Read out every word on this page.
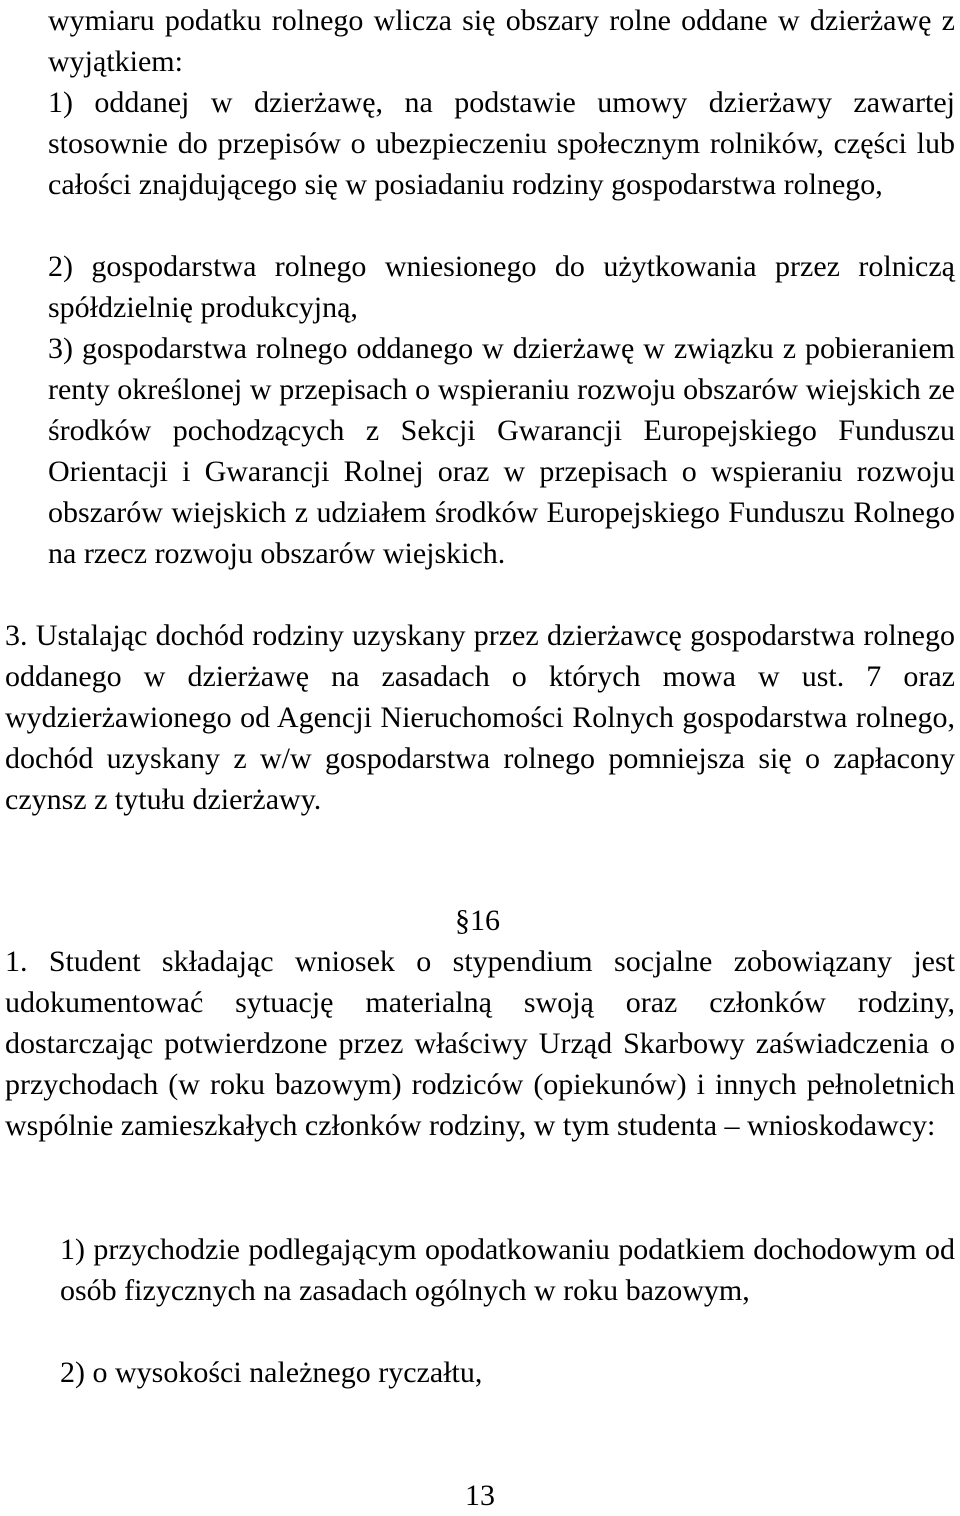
wymiaru podatku rolnego wlicza się obszary rolne oddane w dzierżawę z wyjątkiem:

1) oddanej w dzierżawę, na podstawie umowy dzierżawy zawartej stosownie do przepisów o ubezpieczeniu społecznym rolników, części lub całości znajdującego się w posiadaniu rodziny gospodarstwa rolnego,

2) gospodarstwa rolnego wniesionego do użytkowania przez rolniczą spółdzielnię produkcyjną,

3) gospodarstwa rolnego oddanego w dzierżawę w związku z pobieraniem renty określonej w przepisach o wspieraniu rozwoju obszarów wiejskich ze środków pochodzących z Sekcji Gwarancji Europejskiego Funduszu Orientacji i Gwarancji Rolnej oraz w przepisach o wspieraniu rozwoju obszarów wiejskich z udziałem środków Europejskiego Funduszu Rolnego na rzecz rozwoju obszarów wiejskich.

3. Ustalając dochód rodziny uzyskany przez dzierżawcę gospodarstwa rolnego oddanego w dzierżawę na zasadach o których mowa w ust. 7 oraz wydzierżawionego od Agencji Nieruchomości Rolnych gospodarstwa rolnego, dochód uzyskany z w/w gospodarstwa rolnego pomniejsza się o zapłacony czynsz z tytułu dzierżawy.

§16

1. Student składając wniosek o stypendium socjalne zobowiązany jest udokumentować sytuację materialną swoją oraz członków rodziny, dostarczając potwierdzone przez właściwy Urząd Skarbowy zaświadczenia o przychodach (w roku bazowym) rodziców (opiekunów) i innych pełnoletnich wspólnie zamieszkałych członków rodziny, w tym studenta – wnioskodawcy:

1) przychodzie podlegającym opodatkowaniu podatkiem dochodowym od osób fizycznych na zasadach ogólnych w roku bazowym,

2) o wysokości należnego ryczałtu,

13
